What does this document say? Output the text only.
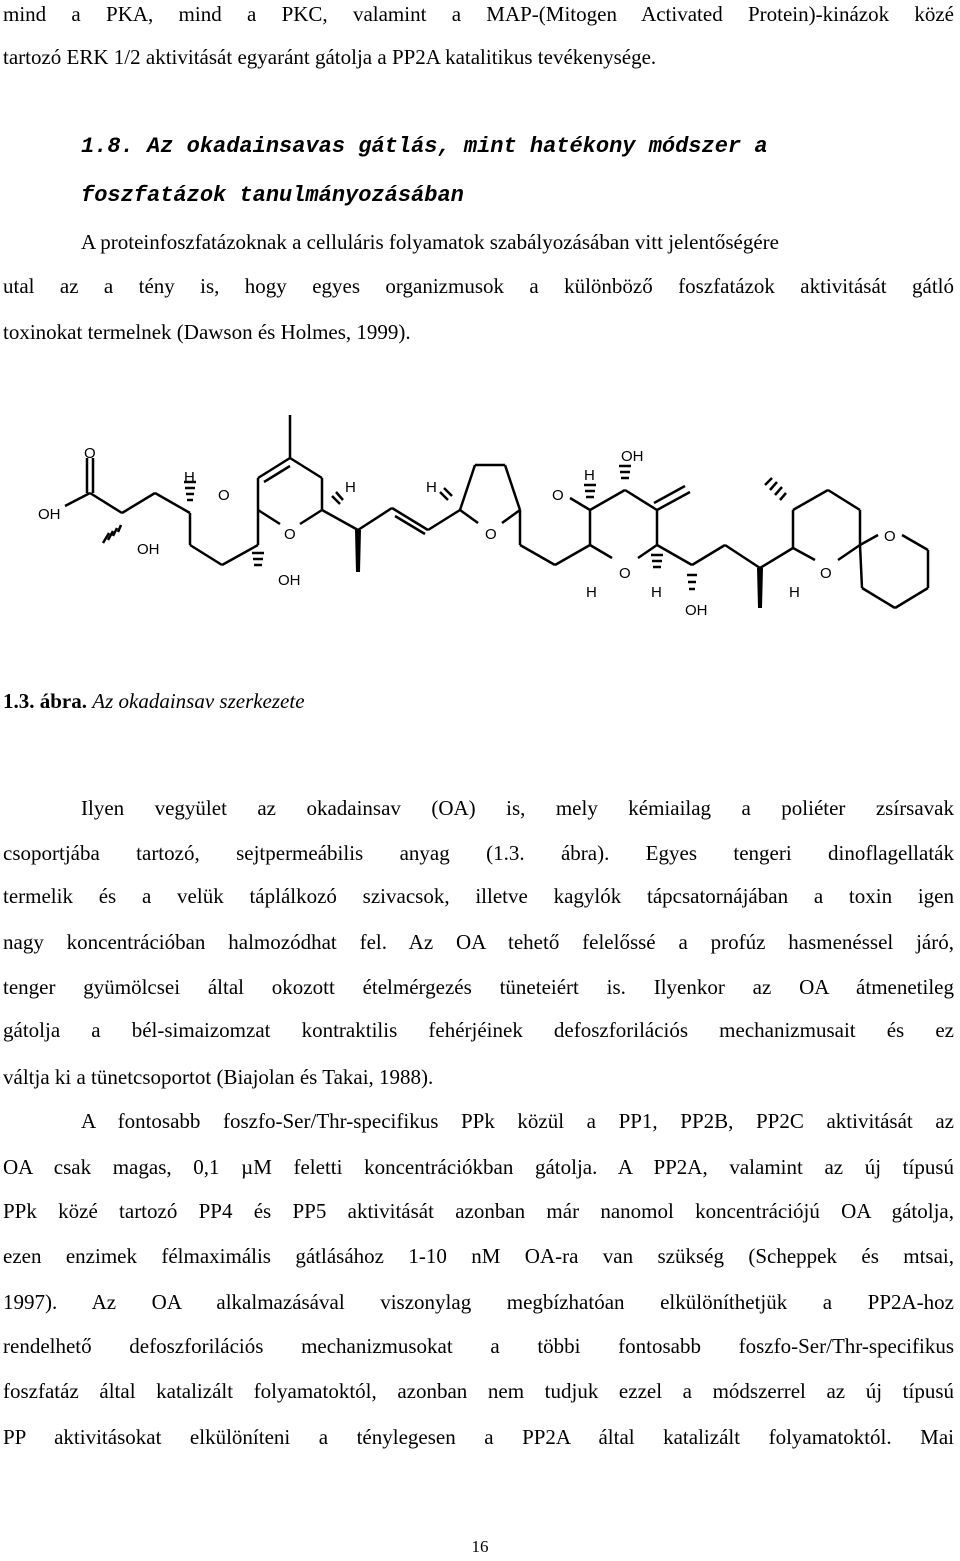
mind a PKA, mind a PKC, valamint a MAP-(Mitogen Activated Protein)-kinázok közé
tartozó ERK 1/2 aktivitását egyaránt gátolja a PP2A katalitikus tevékenysége.
1.8. Az okadainsavas gátlás, mint hatékony módszer a
foszfatázok tanulmányozásában
A proteinfoszfatázoknak a celluláris folyamatok szabályozásában vitt jelentőségére
utal az a tény is, hogy egyes organizmusok a különböző foszfatázok aktivitását gátló
toxinokat termelnek (Dawson és Holmes, 1999).
O
OH
OH
H
O
O
OH
H	H
O
H
OH
O
H	H
O
OH
H
O
O
1.3. ábra. Az okadainsav szerkezete
Ilyen vegyület az okadainsav (OA) is, mely kémiailag a poliéter zsírsavak
csoportjába tartozó, sejtpermeábilis anyag (1.3. ábra). Egyes tengeri dinoflagellaták
termelik és a velük táplálkozó szivacsok, illetve kagylók tápcsatornájában a toxin igen
nagy koncentrációban halmozódhat fel. Az OA tehető felelőssé a profúz hasmenéssel járó,
tenger gyümölcsei által okozott ételmérgezés tüneteiért is. Ilyenkor az OA átmenetileg
gátolja a bél-simaizomzat kontraktilis fehérjéinek defoszforilációs mechanizmusait és ez
váltja ki a tünetcsoportot (Biajolan és Takai, 1988).
A fontosabb foszfo-Ser/Thr-specifikus PPk közül a PP1, PP2B, PP2C aktivitását az
OA csak magas, 0,1 µM feletti koncentrációkban gátolja. A PP2A, valamint az új típusú
PPk közé tartozó PP4 és PP5 aktivitását azonban már nanomol koncentrációjú OA gátolja,
ezen enzimek félmaximális gátlásához 1-10 nM OA-ra van szükség (Scheppek és mtsai,
1997). Az OA alkalmazásával viszonylag megbízhatóan elkülöníthetjük a PP2A-hoz
rendelhető defoszforilációs mechanizmusokat a többi fontosabb foszfo-Ser/Thr-specifikus
foszfatáz által katalizált folyamatoktól, azonban nem tudjuk ezzel a módszerrel az új típusú
PP aktivitásokat elkülöníteni a ténylegesen a PP2A által katalizált folyamatoktól. Mai
16
